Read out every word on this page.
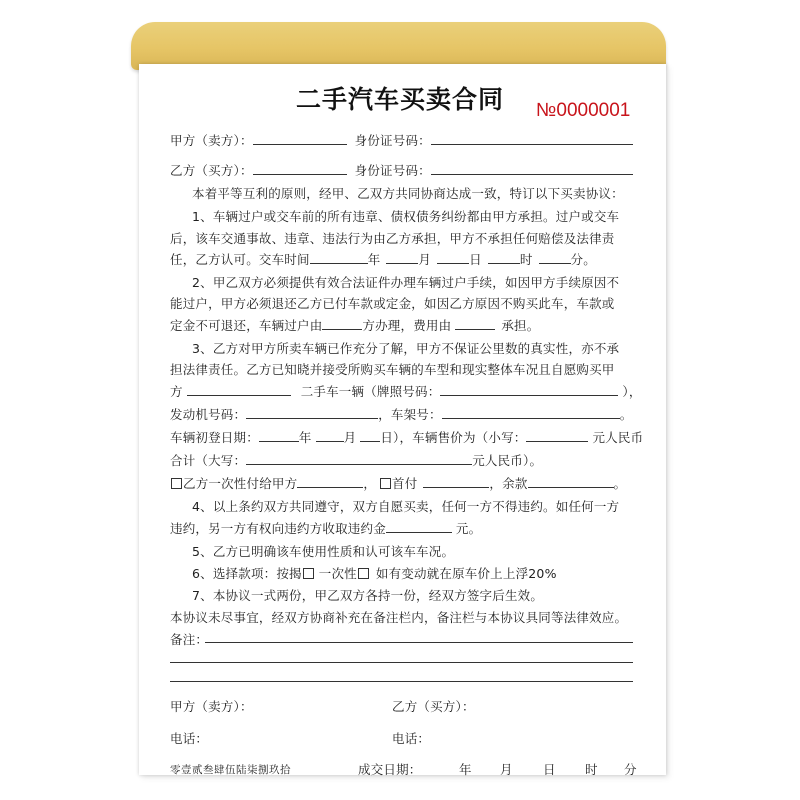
二手汽车买卖合同	№0000001
甲方（卖方）：	身份证号码：
乙方（买方）：	身份证号码：
本着平等互利的原则，经甲、乙双方共同协商达成一致，特订以下买卖协议：
1、车辆过户或交车前的所有违章、债权债务纠纷都由甲方承担。过户或交车
后，该车交通事故、违章、违法行为由乙方承担，甲方不承担任何赔偿及法律责
任，乙方认可。交车时间	年	月	日	时	分。
2、甲乙双方必须提供有效合法证件办理车辆过户手续，如因甲方手续原因不
能过户，甲方必须退还乙方已付车款或定金，如因乙方原因不购买此车，车款或
定金不可退还，车辆过户由	方办理，费用由	承担。
3、乙方对甲方所卖车辆已作充分了解，甲方不保证公里数的真实性，亦不承
担法律责任。乙方已知晓并接受所购买车辆的车型和现实整体车况且自愿购买甲
方	二手车一辆（牌照号码：	），
发动机号码：	，车架号：	。
车辆初登日期：	年	月 日），车辆售价为（小写：	元人民币
合计（大写：	元人民币）。
乙方一次性付给甲方	， 首付	，余款	。
4、以上条约双方共同遵守，双方自愿买卖，任何一方不得违约。如任何一方
违约，另一方有权向违约方收取违约金	元。
5、乙方已明确该车使用性质和认可该车车况。
6、选择款项：按揭 一次性 如有变动就在原车价上上浮20%
7、本协议一式两份，甲乙双方各持一份，经双方签字后生效。
本协议未尽事宜，经双方协商补充在备注栏内，备注栏与本协议具同等法律效应。
备注：
甲方（卖方）：	乙方（买方）：
电话：	电话：
零壹贰叁肆伍陆柒捌玖拾	成交日期：	年 月 日 时 分
